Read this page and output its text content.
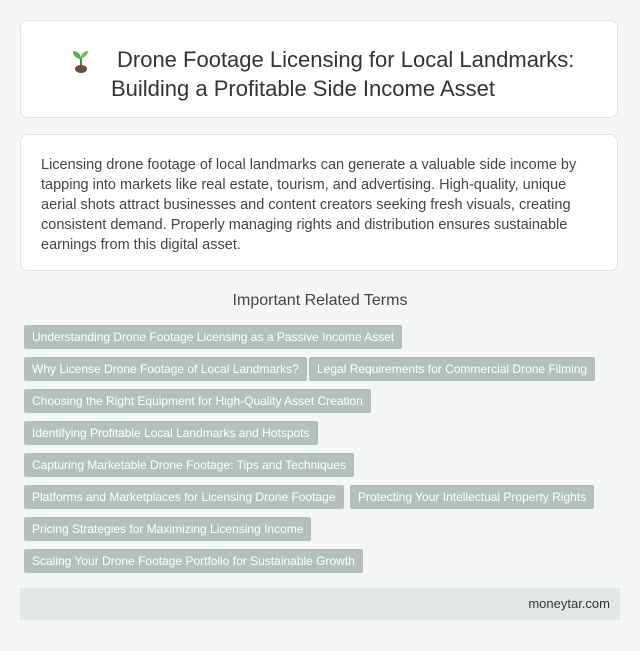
Drone Footage Licensing for Local Landmarks:
Building a Profitable Side Income Asset

Licensing drone footage of local landmarks can generate a valuable side income by tapping into markets like real estate, tourism, and advertising. High-quality, unique aerial shots attract businesses and content creators seeking fresh visuals, creating consistent demand. Properly managing rights and distribution ensures sustainable earnings from this digital asset.

Important Related Terms
Understanding Drone Footage Licensing as a Passive Income Asset
Why License Drone Footage of Local Landmarks?	Legal Requirements for Commercial Drone Filming
Choosing the Right Equipment for High-Quality Asset Creation
Identifying Profitable Local Landmarks and Hotspots
Capturing Marketable Drone Footage: Tips and Techniques
Platforms and Marketplaces for Licensing Drone Footage	Protecting Your Intellectual Property Rights
Pricing Strategies for Maximizing Licensing Income
Scaling Your Drone Footage Portfolio for Sustainable Growth
moneytar.com
